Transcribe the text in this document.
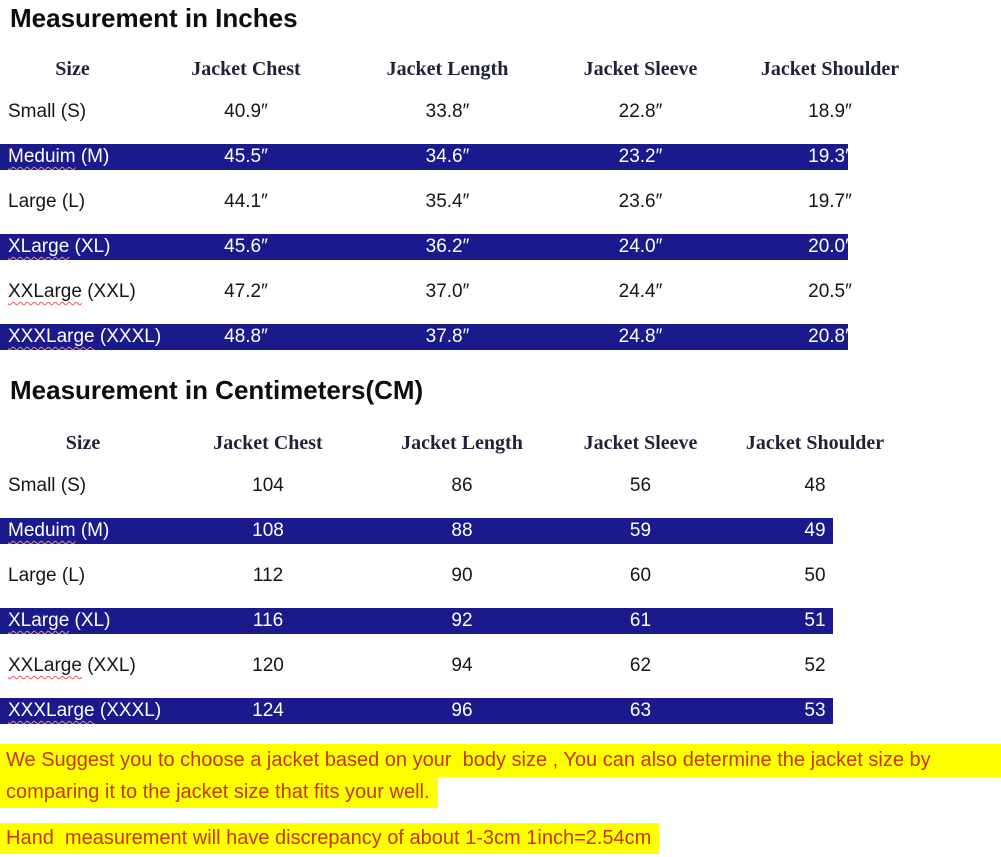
Measurement in Inches
Size	Jacket Chest	Jacket Length	Jacket Sleeve	Jacket Shoulder
Small (S)	40.9″	33.8″	22.8″	18.9″
Meduim (M)	45.5″	34.6″	23.2″	19.3″
Large (L)	44.1″	35.4″	23.6″	19.7″
XLarge (XL)	45.6″	36.2″	24.0″	20.0″
XXLarge (XXL)	47.2″	37.0″	24.4″	20.5″
XXXLarge (XXXL)	48.8″	37.8″	24.8″	20.8″
Measurement in Centimeters(CM)
Size	Jacket Chest	Jacket Length	Jacket Sleeve	Jacket Shoulder
Small (S)	104	86	56	48
Meduim (M)	108	88	59	49
Large (L)	112	90	60	50
XLarge (XL)	116	92	61	51
XXLarge (XXL)	120	94	62	52
XXXLarge (XXXL)	124	96	63	53
We Suggest you to choose a jacket based on your  body size , You can also determine the jacket size by
comparing it to the jacket size that fits your well.
Hand  measurement will have discrepancy of about 1-3cm 1inch=2.54cm
